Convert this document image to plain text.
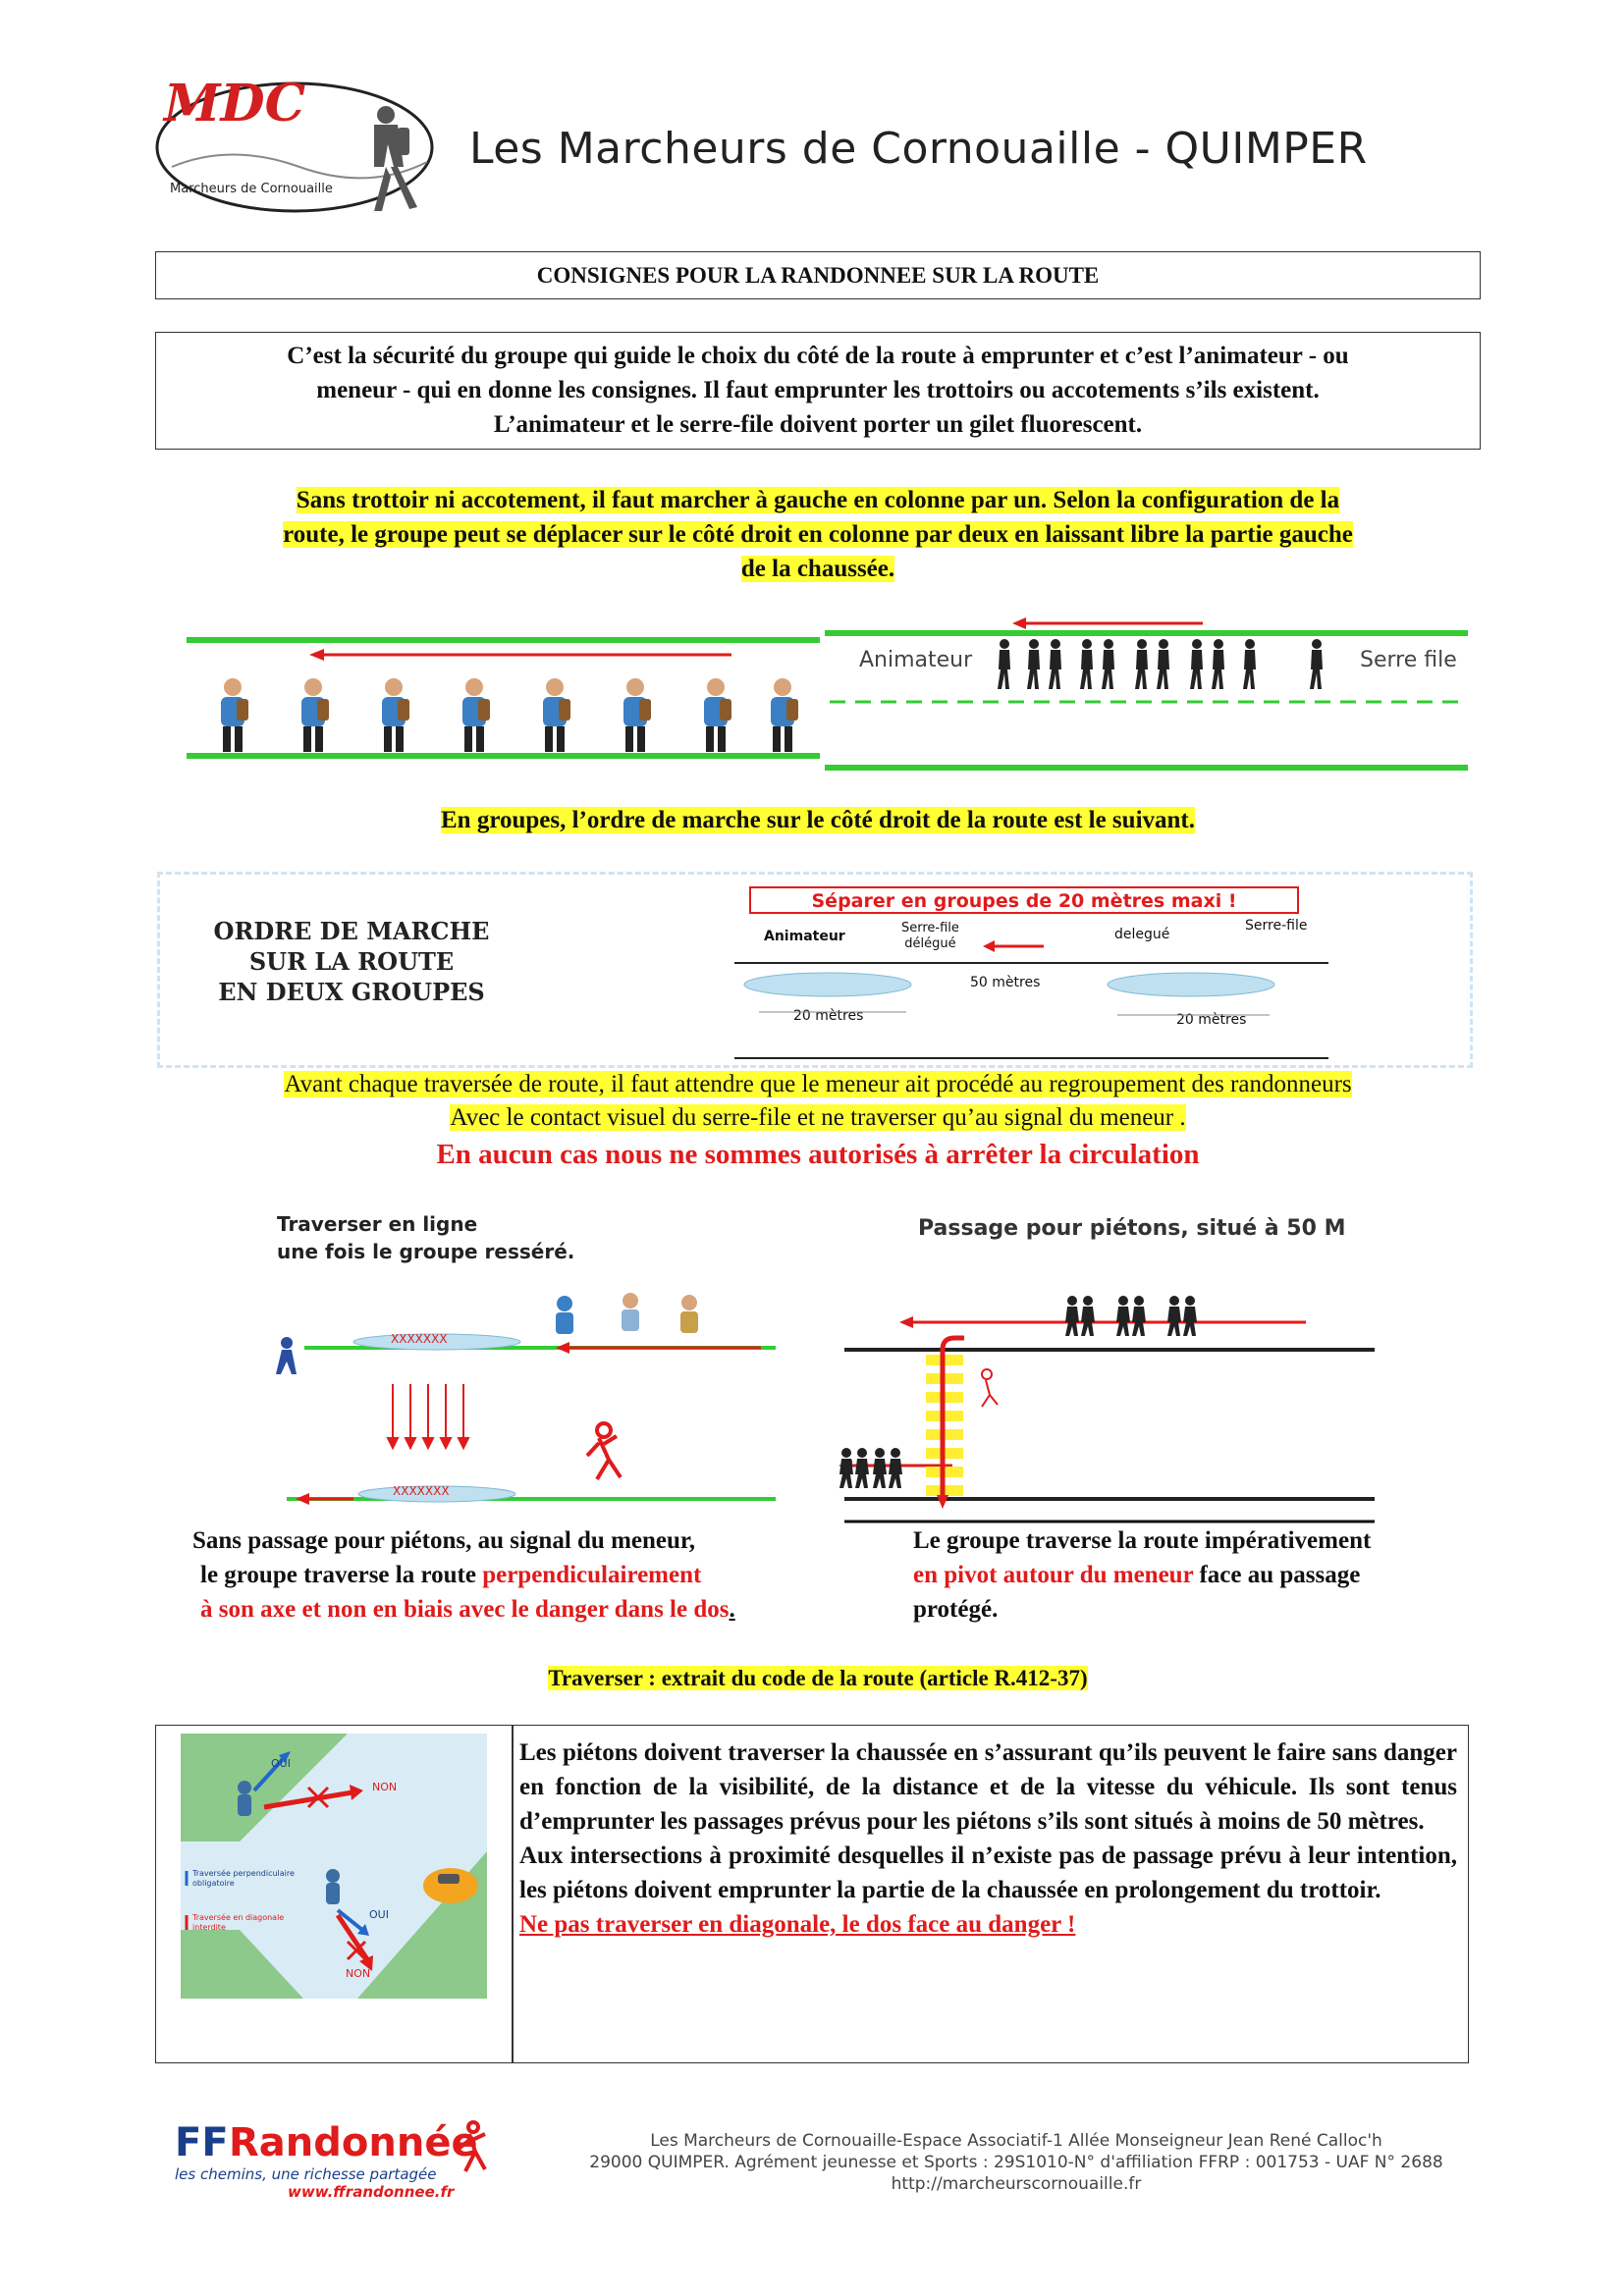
MDC
Marcheurs de Cornouaille
Les Marcheurs de Cornouaille - QUIMPER
CONSIGNES POUR LA RANDONNEE SUR LA ROUTE
C’est la sécurité du groupe qui guide le choix du côté de la route à emprunter et c’est l’animateur - ou
meneur - qui en donne les consignes. Il faut emprunter les trottoirs ou accotements s’ils existent.
L’animateur et le serre-file doivent porter un gilet fluorescent.
Sans trottoir ni accotement, il faut marcher à gauche en colonne par un. Selon la configuration de la
route, le groupe peut se déplacer sur le côté droit en colonne par deux en laissant libre la partie gauche
de la chaussée.
Animateur	Serre file
En groupes, l’ordre de marche sur le côté droit de la route est le suivant.
ORDRE DE MARCHE
SUR LA ROUTE
EN DEUX GROUPES
Séparer en groupes de 20 mètres maxi !
Animateur
Serre-file
délégué
delegué
Serre-file
50 mètres
20 mètres	20 mètres
Avant chaque traversée de route, il faut attendre que le meneur ait procédé au regroupement des randonneurs
Avec le contact visuel du serre-file et ne traverser qu’au signal du meneur .
En aucun cas nous ne sommes autorisés à arrêter la circulation
Traverser en ligne
une fois le groupe resséré.
Passage pour piétons, situé à 50 M
XXXXXXX
XXXXXXX
Sans passage pour piétons, au signal du meneur,
le groupe traverse la route perpendiculairement
à son axe et non en biais avec le danger dans le dos.
Le groupe traverse la route impérativement
en pivot autour du meneur face au passage
protégé.
Traverser : extrait du code de la route (article R.412-37)
OUI
NON
OUI
NON
Traversée perpendiculaire
obligatoire
Traversée en diagonale
interdite
Les piétons doivent traverser la chaussée en s’assurant qu’ils peuvent le faire sans danger en fonction de la visibilité, de la distance et de la vitesse du véhicule. Ils sont tenus d’emprunter les passages prévus pour les piétons s’ils sont situés à moins de 50 mètres.
Aux intersections à proximité desquelles il n’existe pas de passage prévu à leur intention, les piétons doivent emprunter la partie de la chaussée en prolongement du trottoir.
Ne pas traverser en diagonale, le dos face au danger !
FF Randonnée
les chemins, une richesse partagée
www.ffrandonnee.fr
Les Marcheurs de Cornouaille-Espace Associatif-1 Allée Monseigneur Jean René Calloc'h
29000 QUIMPER. Agrément jeunesse et Sports : 29S1010-N° d'affiliation FFRP : 001753 - UAF N° 2688
http://marcheurscornouaille.fr
